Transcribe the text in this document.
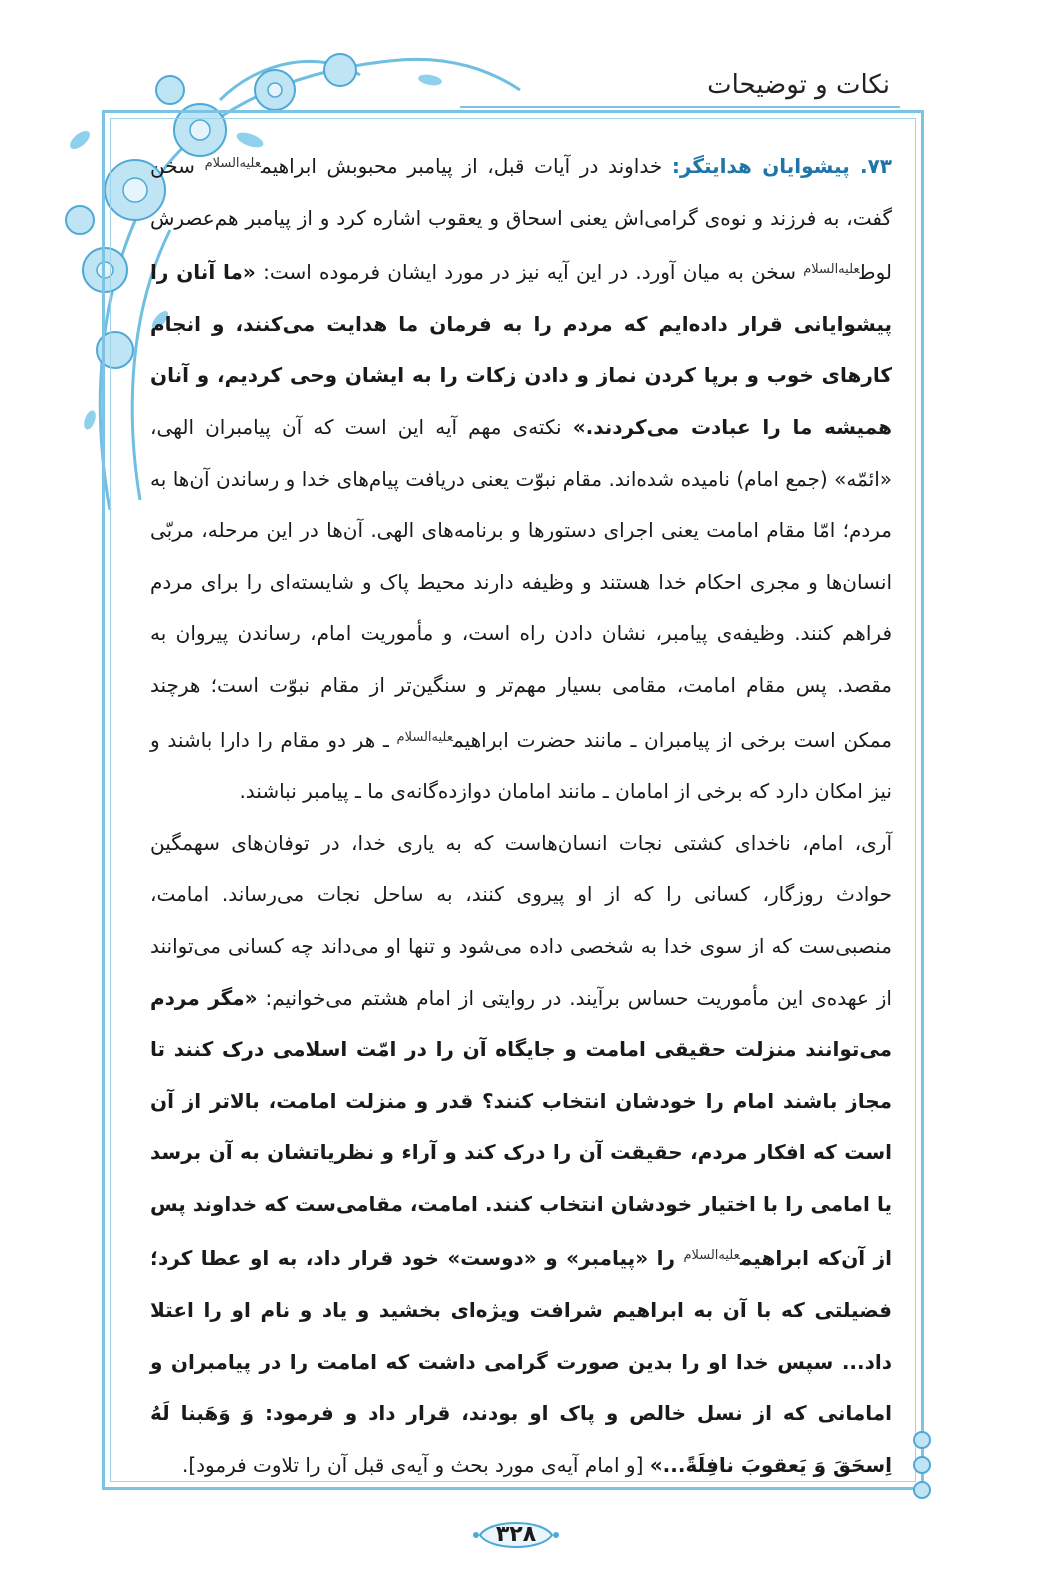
نکات و توضیحات

۷۳. پیشوایان هدایتگر: خداوند در آیات قبل، از پیامبر محبوبش ابراهیم$^{علیه‌السلام}$ سخن گفت، به فرزند و نوه‌ی گرامی‌اش یعنی اسحاق و یعقوب اشاره کرد و از پیامبر هم‌عصرش لوط$^{علیه‌السلام}$ سخن به میان آورد. در این آیه نیز در مورد ایشان فرموده است: «ما آنان را پیشوایانی قرار داده‌ایم که مردم را به فرمان ما هدایت می‌کنند، و انجام کارهای خوب و برپا کردن نماز و دادن زکات را به ایشان وحی کردیم، و آنان همیشه ما را عبادت می‌کردند.» نکته‌ی مهم آیه این است که آن پیامبران الهی، «ائمّه» (جمع امام) نامیده شده‌اند. مقام نبوّت یعنی دریافت پیام‌های خدا و رساندن آن‌ها به مردم؛ امّا مقام امامت یعنی اجرای دستورها و برنامه‌های الهی. آن‌ها در این مرحله، مربّی انسان‌ها و مجری احکام خدا هستند و وظیفه دارند محیط پاک و شایسته‌ای را برای مردم فراهم کنند. وظیفه‌ی پیامبر، نشان دادن راه است، و مأموریت امام، رساندن پیروان به مقصد. پس مقام امامت، مقامی بسیار مهم‌تر و سنگین‌تر از مقام نبوّت است؛ هرچند ممکن است برخی از پیامبران ـ مانند حضرت ابراهیم$^{علیه‌السلام}$ ـ هر دو مقام را دارا باشند و نیز امکان دارد که برخی از امامان ـ مانند امامان دوازده‌گانه‌ی ما ـ پیامبر نباشند.

آری، امام، ناخدای کشتی نجات انسان‌هاست که به یاری خدا، در توفان‌های سهمگین حوادث روزگار، کسانی را که از او پیروی کنند، به ساحل نجات می‌رساند. امامت، منصبی‌ست که از سوی خدا به شخصی داده می‌شود و تنها او می‌داند چه کسانی می‌توانند از عهده‌ی این مأموریت حساس برآیند. در روایتی از امام هشتم می‌خوانیم: «مگر مردم می‌توانند منزلت حقیقی امامت و جایگاه آن را در امّت اسلامی درک کنند تا مجاز باشند امام را خودشان انتخاب کنند؟ قدر و منزلت امامت، بالاتر از آن است که افکار مردم، حقیقت آن را درک کند و آراء و نظریاتشان به آن برسد یا امامی را با اختیار خودشان انتخاب کنند. امامت، مقامی‌ست که خداوند پس از آن‌که ابراهیم$^{علیه‌السلام}$ را «پیامبر» و «دوست» خود قرار داد، به او عطا کرد؛ فضیلتی که با آن به ابراهیم شرافت ویژه‌ای بخشید و یاد و نام او را اعتلا داد... سپس خدا او را بدین صورت گرامی داشت که امامت را در پیامبران و امامانی که از نسل خالص و پاک او بودند، قرار داد و فرمود: وَ وَهَبنا لَهُ اِسحَقَ وَ یَعقوبَ نافِلَةً...» [و امام آیه‌ی مورد بحث و آیه‌ی قبل آن را تلاوت فرمود].

۳۲۸
